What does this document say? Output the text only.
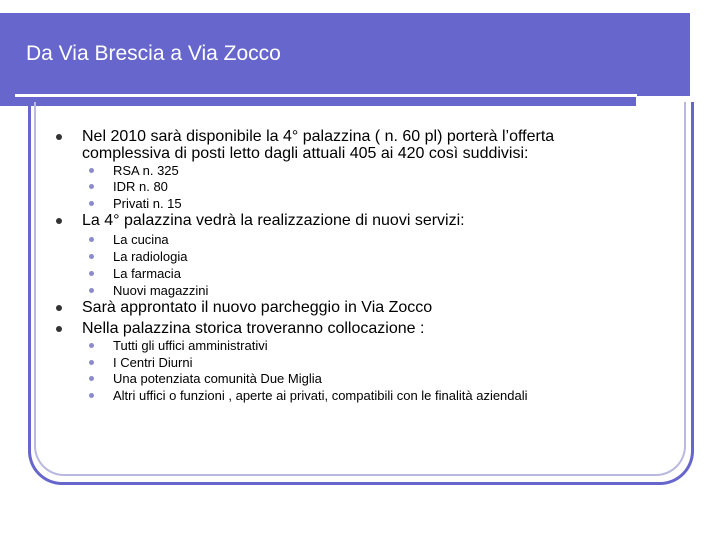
Da Via Brescia a Via Zocco
Nel 2010 sarà disponibile la 4° palazzina ( n. 60 pl) porterà l’offerta
complessiva di posti letto dagli attuali 405 ai 420 così suddivisi:
RSA n. 325
IDR n. 80
Privati n. 15
La 4° palazzina vedrà la realizzazione di nuovi servizi:
La cucina
La radiologia
La farmacia
Nuovi magazzini
Sarà approntato il nuovo parcheggio in Via Zocco
Nella palazzina storica troveranno collocazione :
Tutti gli uffici amministrativi
I Centri Diurni
Una potenziata comunità Due Miglia
Altri uffici o funzioni , aperte ai privati, compatibili con le finalità aziendali
